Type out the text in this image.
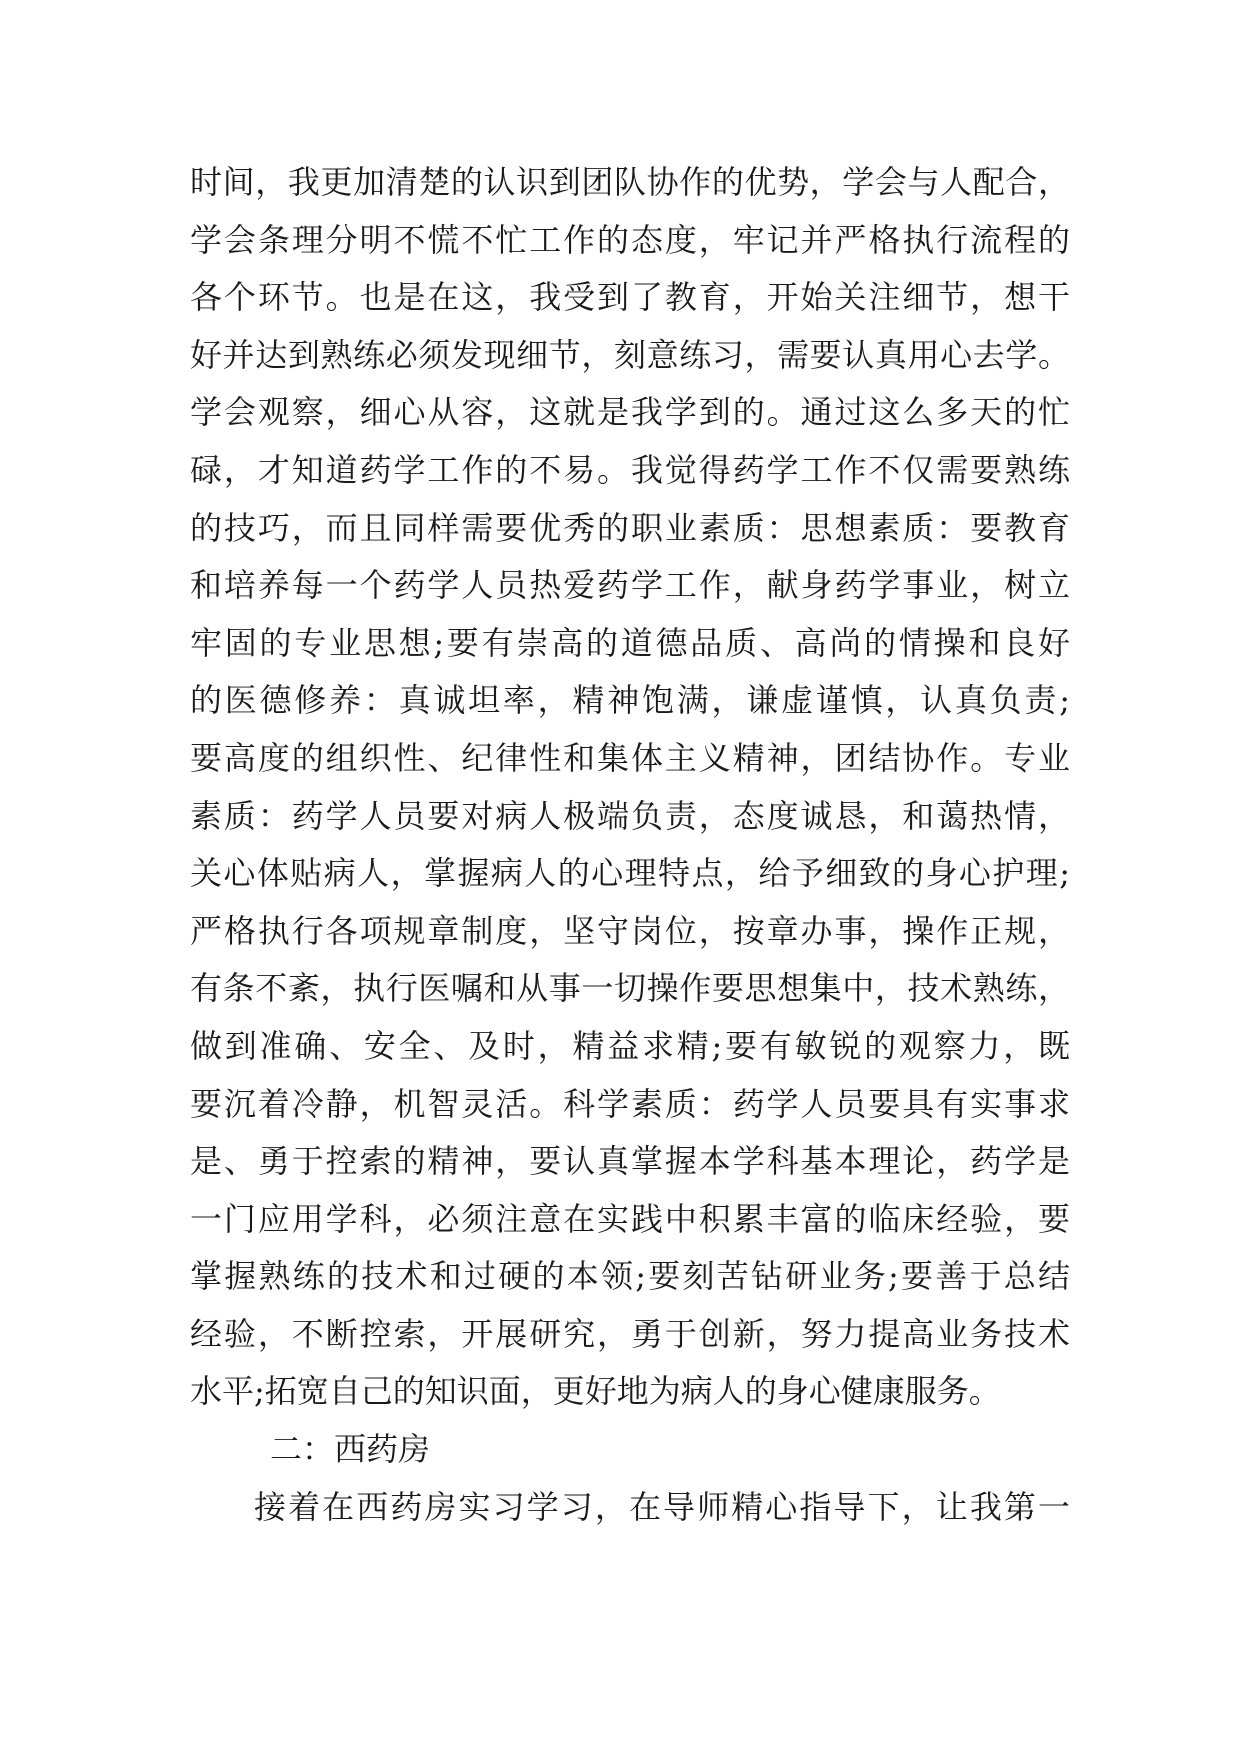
时间，我更加清楚的认识到团队协作的优势，学会与人配合，
学会条理分明不慌不忙工作的态度，牢记并严格执行流程的
各个环节。也是在这，我受到了教育，开始关注细节，想干
好并达到熟练必须发现细节，刻意练习，需要认真用心去学。
学会观察，细心从容，这就是我学到的。通过这么多天的忙
碌，才知道药学工作的不易。我觉得药学工作不仅需要熟练
的技巧，而且同样需要优秀的职业素质：思想素质：要教育
和培养每一个药学人员热爱药学工作，献身药学事业，树立
牢固的专业思想;要有崇高的道德品质、高尚的情操和良好
的医德修养：真诚坦率，精神饱满，谦虚谨慎，认真负责;
要高度的组织性、纪律性和集体主义精神，团结协作。专业
素质：药学人员要对病人极端负责，态度诚恳，和蔼热情，
关心体贴病人，掌握病人的心理特点，给予细致的身心护理;
严格执行各项规章制度，坚守岗位，按章办事，操作正规，
有条不紊，执行医嘱和从事一切操作要思想集中，技术熟练，
做到准确、安全、及时，精益求精;要有敏锐的观察力，既
要沉着冷静，机智灵活。科学素质：药学人员要具有实事求
是、勇于控索的精神，要认真掌握本学科基本理论，药学是
一门应用学科，必须注意在实践中积累丰富的临床经验，要
掌握熟练的技术和过硬的本领;要刻苦钻研业务;要善于总结
经验，不断控索，开展研究，勇于创新，努力提高业务技术
水平;拓宽自己的知识面，更好地为病人的身心健康服务。
二：西药房
接着在西药房实习学习，在导师精心指导下，让我第一
